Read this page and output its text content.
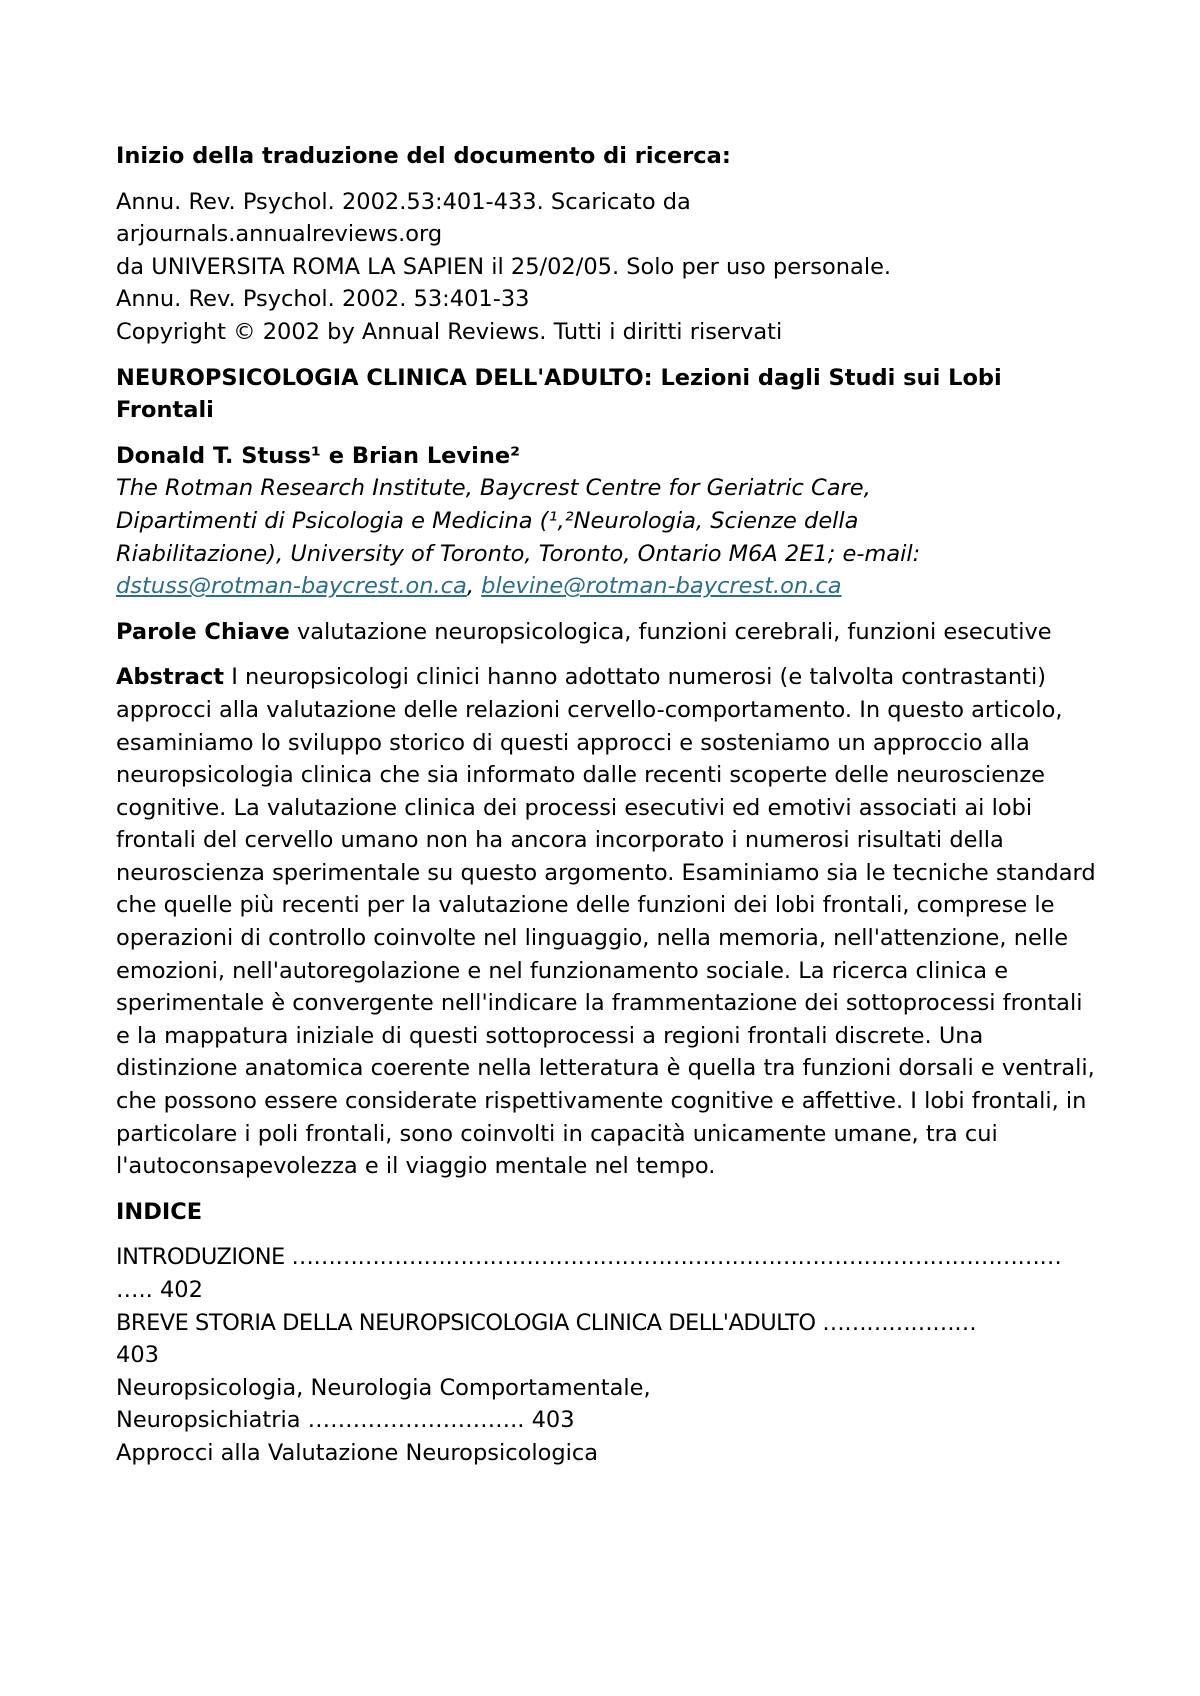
Inizio della traduzione del documento di ricerca:

Annu. Rev. Psychol. 2002.53:401-433. Scaricato da

arjournals.annualreviews.org

da UNIVERSITA ROMA LA SAPIEN il 25/02/05. Solo per uso personale.

Annu. Rev. Psychol. 2002. 53:401-33

Copyright © 2002 by Annual Reviews. Tutti i diritti riservati

NEUROPSICOLOGIA CLINICA DELL'ADULTO: Lezioni dagli Studi sui Lobi Frontali

Donald T. Stuss¹ e Brian Levine²

The Rotman Research Institute, Baycrest Centre for Geriatric Care,

Dipartimenti di Psicologia e Medicina (¹,²Neurologia, Scienze della

Riabilitazione), University of Toronto, Toronto, Ontario M6A 2E1; e-mail:

dstuss@rotman-baycrest.on.ca, blevine@rotman-baycrest.on.ca

Parole Chiave valutazione neuropsicologica, funzioni cerebrali, funzioni esecutive

Abstract I neuropsicologi clinici hanno adottato numerosi (e talvolta contrastanti) approcci alla valutazione delle relazioni cervello-comportamento. In questo articolo, esaminiamo lo sviluppo storico di questi approcci e sosteniamo un approccio alla neuropsicologia clinica che sia informato dalle recenti scoperte delle neuroscienze cognitive. La valutazione clinica dei processi esecutivi ed emotivi associati ai lobi frontali del cervello umano non ha ancora incorporato i numerosi risultati della neuroscienza sperimentale su questo argomento. Esaminiamo sia le tecniche standard che quelle più recenti per la valutazione delle funzioni dei lobi frontali, comprese le operazioni di controllo coinvolte nel linguaggio, nella memoria, nell'attenzione, nelle emozioni, nell'autoregolazione e nel funzionamento sociale. La ricerca clinica e sperimentale è convergente nell'indicare la frammentazione dei sottoprocessi frontali e la mappatura iniziale di questi sottoprocessi a regioni frontali discrete. Una distinzione anatomica coerente nella letteratura è quella tra funzioni dorsali e ventrali, che possono essere considerate rispettivamente cognitive e affettive. I lobi frontali, in particolare i poli frontali, sono coinvolti in capacità unicamente umane, tra cui l'autoconsapevolezza e il viaggio mentale nel tempo.

INDICE

INTRODUZIONE ……………………………………………………………………………………………

….. 402

BREVE STORIA DELLA NEUROPSICOLOGIA CLINICA DELL'ADULTO …………………

403

Neuropsicologia, Neurologia Comportamentale,

Neuropsichiatria ……………………….. 403

Approcci alla Valutazione Neuropsicologica
